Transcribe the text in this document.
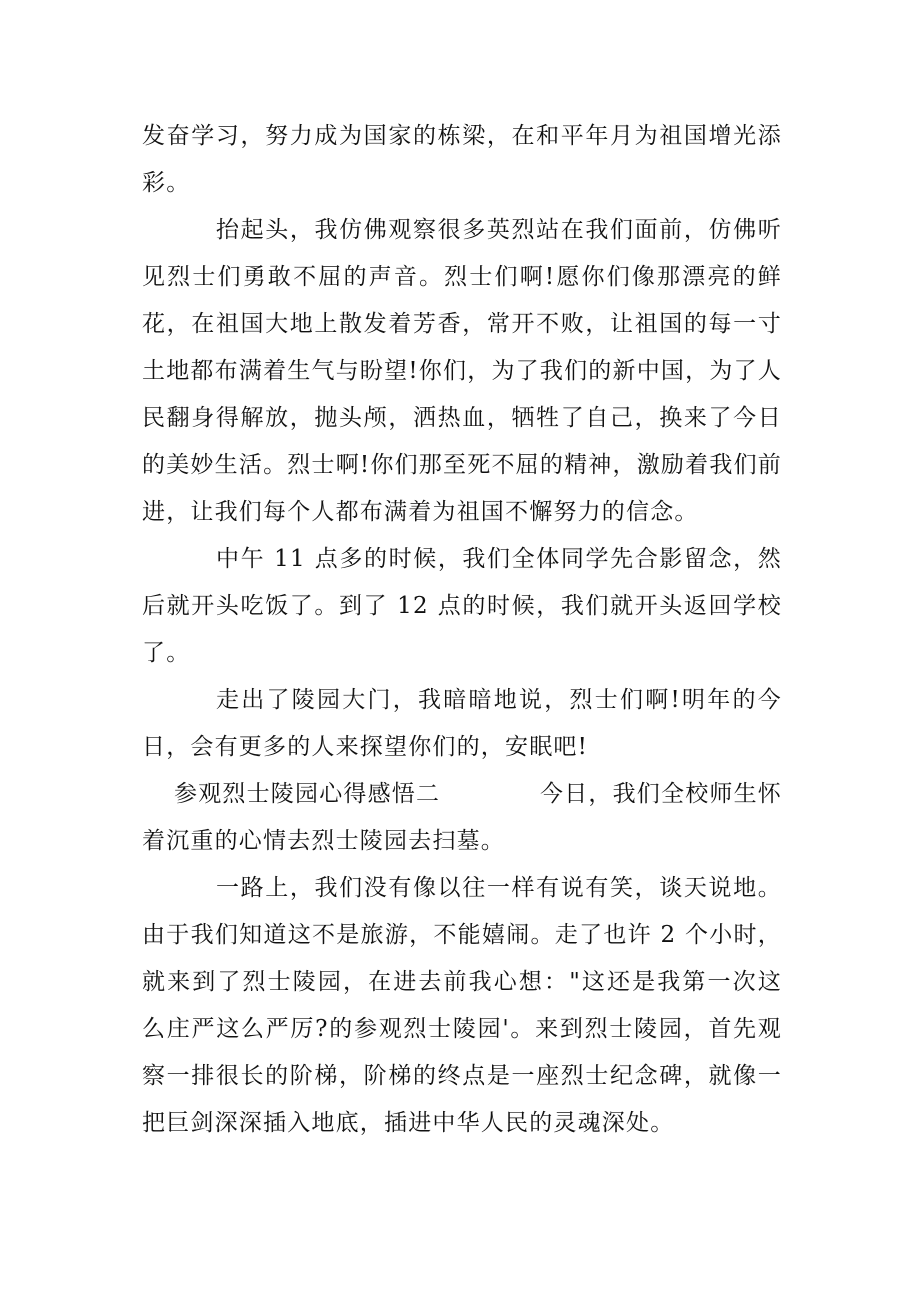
发奋学习，努力成为国家的栋梁，在和平年月为祖国增光添彩。

抬起头，我仿佛观察很多英烈站在我们面前，仿佛听见烈士们勇敢不屈的声音。烈士们啊!愿你们像那漂亮的鲜花，在祖国大地上散发着芳香，常开不败，让祖国的每一寸土地都布满着生气与盼望!你们，为了我们的新中国，为了人民翻身得解放，抛头颅，洒热血，牺牲了自己，换来了今日的美妙生活。烈士啊!你们那至死不屈的精神，激励着我们前进，让我们每个人都布满着为祖国不懈努力的信念。

中午 11 点多的时候，我们全体同学先合影留念，然后就开头吃饭了。到了 12 点的时候，我们就开头返回学校了。

走出了陵园大门，我暗暗地说，烈士们啊!明年的今日，会有更多的人来探望你们的，安眠吧!

参观烈士陵园心得感悟二	今日，我们全校师生怀

着沉重的心情去烈士陵园去扫墓。

一路上，我们没有像以往一样有说有笑，谈天说地。由于我们知道这不是旅游，不能嬉闹。走了也许 2 个小时，就来到了烈士陵园，在进去前我心想："这还是我第一次这么庄严这么严厉?的参观烈士陵园'。来到烈士陵园，首先观察一排很长的阶梯，阶梯的终点是一座烈士纪念碑，就像一把巨剑深深插入地底，插进中华人民的灵魂深处。
